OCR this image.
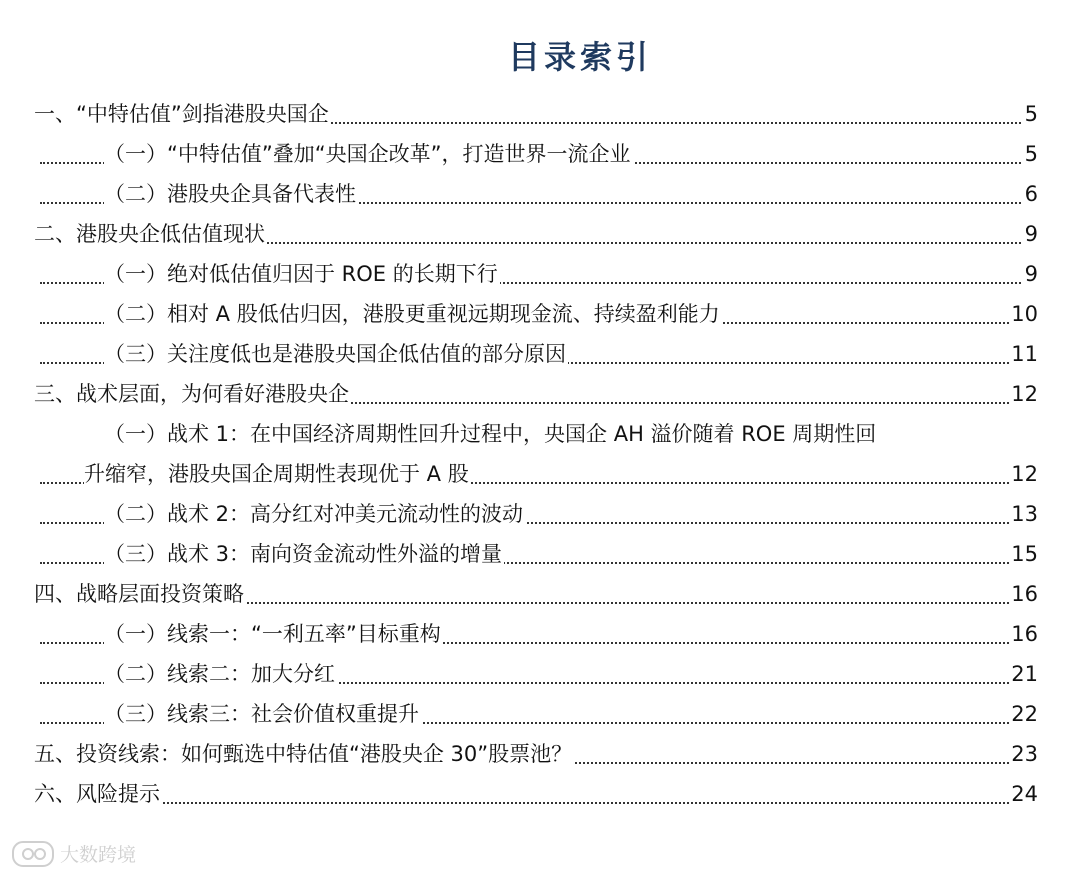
目录索引
一、“中特估值”剑指港股央国企	5
（一）“中特估值”叠加“央国企改革”，打造世界一流企业	5
（二）港股央企具备代表性	6
二、港股央企低估值现状	9
（一）绝对低估值归因于 ROE 的长期下行	9
（二）相对 A 股低估归因，港股更重视远期现金流、持续盈利能力	10
（三）关注度低也是港股央国企低估值的部分原因	11
三、战术层面，为何看好港股央企	12
（一）战术 1：在中国经济周期性回升过程中，央国企 AH 溢价随着 ROE 周期性回
升缩窄，港股央国企周期性表现优于 A 股	12
（二）战术 2：高分红对冲美元流动性的波动	13
（三）战术 3：南向资金流动性外溢的增量	15
四、战略层面投资策略	16
（一）线索一：“一利五率”目标重构	16
（二）线索二：加大分红	21
（三）线索三：社会价值权重提升	22
五、投资线索：如何甄选中特估值“港股央企 30”股票池？	23
六、风险提示	24
大数跨境
